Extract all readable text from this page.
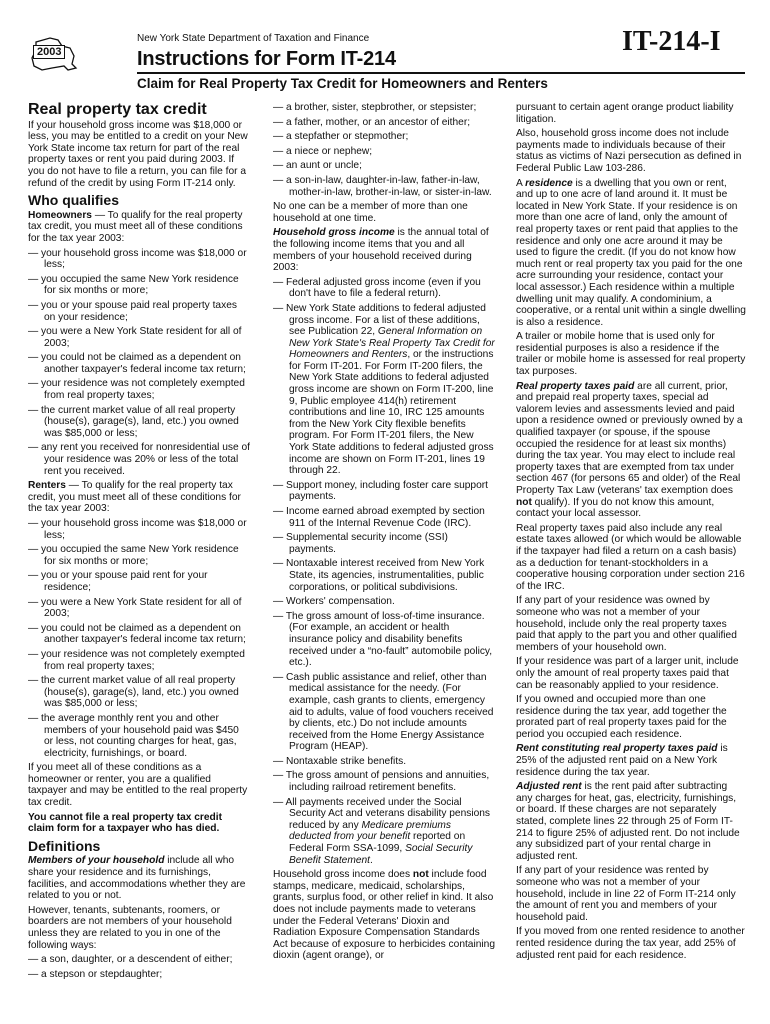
2003
New York State Department of Taxation and Finance
Instructions for Form IT-214
IT-214-I
Claim for Real Property Tax Credit for Homeowners and Renters
Real property tax credit

If your household gross income was $18,000 or less, you may be entitled to a credit on your New York State income tax return for part of the real property taxes or rent you paid during 2003. If you do not have to file a return, you can file for a refund of the credit by using Form IT-214 only.

Who qualifies

Homeowners — To qualify for the real property tax credit, you must meet all of these conditions for the tax year 2003:

— your household gross income was $18,000 or less;

— you occupied the same New York residence for six months or more;

— you or your spouse paid real property taxes on your residence;

— you were a New York State resident for all of 2003;

— you could not be claimed as a dependent on another taxpayer's federal income tax return;

— your residence was not completely exempted from real property taxes;

— the current market value of all real property (house(s), garage(s), land, etc.) you owned was $85,000 or less;

— any rent you received for nonresidential use of your residence was 20% or less of the total rent you received.

Renters — To qualify for the real property tax credit, you must meet all of these conditions for the tax year 2003:

— your household gross income was $18,000 or less;

— you occupied the same New York residence for six months or more;

— you or your spouse paid rent for your residence;

— you were a New York State resident for all of 2003;

— you could not be claimed as a dependent on another taxpayer's federal income tax return;

— your residence was not completely exempted from real property taxes;

— the current market value of all real property (house(s), garage(s), land, etc.) you owned was $85,000 or less;

— the average monthly rent you and other members of your household paid was $450 or less, not counting charges for heat, gas, electricity, furnishings, or board.

If you meet all of these conditions as a homeowner or renter, you are a qualified taxpayer and may be entitled to the real property tax credit.

You cannot file a real property tax credit claim form for a taxpayer who has died.

Definitions

Members of your household include all who share your residence and its furnishings, facilities, and accommodations whether they are related to you or not.

However, tenants, subtenants, roomers, or boarders are not members of your household unless they are related to you in one of the following ways:

— a son, daughter, or a descendent of either;

— a stepson or stepdaughter;

— a brother, sister, stepbrother, or stepsister;

— a father, mother, or an ancestor of either;

— a stepfather or stepmother;

— a niece or nephew;

— an aunt or uncle;

— a son-in-law, daughter-in-law, father-in-law, mother-in-law, brother-in-law, or sister-in-law.

No one can be a member of more than one household at one time.

Household gross income is the annual total of the following income items that you and all members of your household received during 2003:

— Federal adjusted gross income (even if you don't have to file a federal return).

— New York State additions to federal adjusted gross income. For a list of these additions, see Publication 22, General Information on New York State's Real Property Tax Credit for Homeowners and Renters, or the instructions for Form IT-201. For Form IT-200 filers, the New York State additions to federal adjusted gross income are shown on Form IT-200, line 9, Public employee 414(h) retirement contributions and line 10, IRC 125 amounts from the New York City flexible benefits program. For Form IT-201 filers, the New York State additions to federal adjusted gross income are shown on Form IT-201, lines 19 through 22.

— Support money, including foster care support payments.

— Income earned abroad exempted by section 911 of the Internal Revenue Code (IRC).

— Supplemental security income (SSI) payments.

— Nontaxable interest received from New York State, its agencies, instrumentalities, public corporations, or political subdivisions.

— Workers' compensation.

— The gross amount of loss-of-time insurance. (For example, an accident or health insurance policy and disability benefits received under a “no-fault” automobile policy, etc.).

— Cash public assistance and relief, other than medical assistance for the needy. (For example, cash grants to clients, emergency aid to adults, value of food vouchers received by clients, etc.) Do not include amounts received from the Home Energy Assistance Program (HEAP).

— Nontaxable strike benefits.

— The gross amount of pensions and annuities, including railroad retirement benefits.

— All payments received under the Social Security Act and veterans disability pensions reduced by any Medicare premiums deducted from your benefit reported on Federal Form SSA-1099, Social Security Benefit Statement.

Household gross income does not include food stamps, medicare, medicaid, scholarships, grants, surplus food, or other relief in kind. It also does not include payments made to veterans under the Federal Veterans' Dioxin and Radiation Exposure Compensation Standards Act because of exposure to herbicides containing dioxin (agent orange), or

pursuant to certain agent orange product liability litigation.

Also, household gross income does not include payments made to individuals because of their status as victims of Nazi persecution as defined in Federal Public Law 103-286.

A residence is a dwelling that you own or rent, and up to one acre of land around it. It must be located in New York State. If your residence is on more than one acre of land, only the amount of real property taxes or rent paid that applies to the residence and only one acre around it may be used to figure the credit. (If you do not know how much rent or real property tax you paid for the one acre surrounding your residence, contact your local assessor.) Each residence within a multiple dwelling unit may qualify. A condominium, a cooperative, or a rental unit within a single dwelling is also a residence.

A trailer or mobile home that is used only for residential purposes is also a residence if the trailer or mobile home is assessed for real property tax purposes.

Real property taxes paid are all current, prior, and prepaid real property taxes, special ad valorem levies and assessments levied and paid upon a residence owned or previously owned by a qualified taxpayer (or spouse, if the spouse occupied the residence for at least six months) during the tax year. You may elect to include real property taxes that are exempted from tax under section 467 (for persons 65 and older) of the Real Property Tax Law (veterans' tax exemption does not qualify). If you do not know this amount, contact your local assessor.

Real property taxes paid also include any real estate taxes allowed (or which would be allowable if the taxpayer had filed a return on a cash basis) as a deduction for tenant-stockholders in a cooperative housing corporation under section 216 of the IRC.

If any part of your residence was owned by someone who was not a member of your household, include only the real property taxes paid that apply to the part you and other qualified members of your household own.

If your residence was part of a larger unit, include only the amount of real property taxes paid that can be reasonably applied to your residence.

If you owned and occupied more than one residence during the tax year, add together the prorated part of real property taxes paid for the period you occupied each residence.

Rent constituting real property taxes paid is 25% of the adjusted rent paid on a New York residence during the tax year.

Adjusted rent is the rent paid after subtracting any charges for heat, gas, electricity, furnishings, or board. If these charges are not separately stated, complete lines 22 through 25 of Form IT-214 to figure 25% of adjusted rent. Do not include any subsidized part of your rental charge in adjusted rent.

If any part of your residence was rented by someone who was not a member of your household, include in line 22 of Form IT-214 only the amount of rent you and members of your household paid.

If you moved from one rented residence to another rented residence during the tax year, add 25% of adjusted rent paid for each residence.
